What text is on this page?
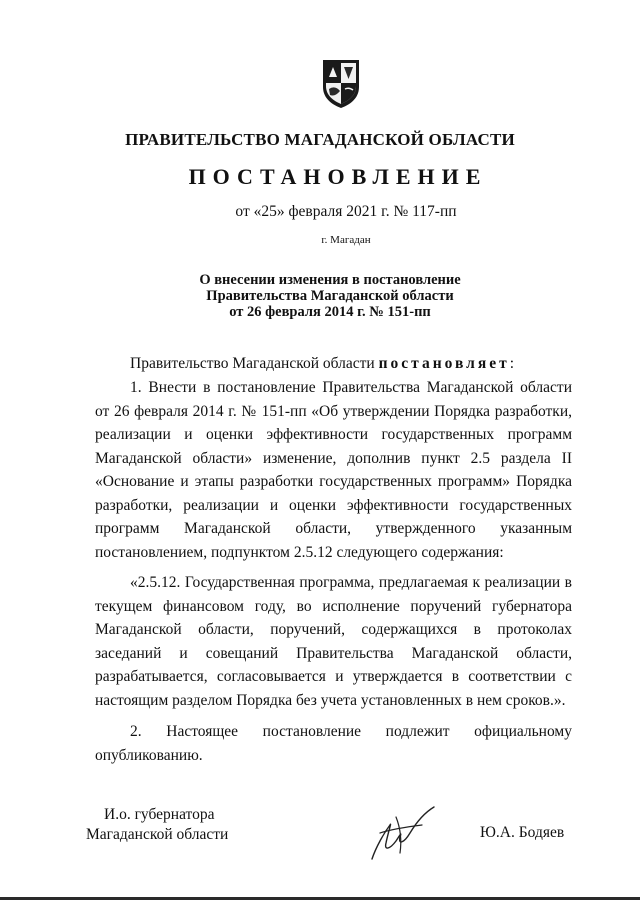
ПРАВИТЕЛЬСТВО МАГАДАНСКОЙ ОБЛАСТИ
ПОСТАНОВЛЕНИЕ
от «25» февраля 2021 г. № 117-пп
г. Магадан
О внесении изменения в постановление
Правительства Магаданской области
от 26 февраля 2014 г. № 151-пп

Правительство Магаданской области постановляет:

1. Внести в постановление Правительства Магаданской области от 26 февраля 2014 г. № 151-пп «Об утверждении Порядка разработки, реализации и оценки эффективности государственных программ Магаданской области» изменение, дополнив пункт 2.5 раздела II «Основание и этапы разработки государственных программ» Порядка разработки, реализации и оценки эффективности государственных программ Магаданской области, утвержденного указанным постановлением, подпунктом 2.5.12 следующего содержания:

«2.5.12. Государственная программа, предлагаемая к реализации в текущем финансовом году, во исполнение поручений губернатора Магаданской области, поручений, содержащихся в протоколах заседаний и совещаний Правительства Магаданской области, разрабатывается, согласовывается и утверждается в соответствии с настоящим разделом Порядка без учета установленных в нем сроков.».

2. Настоящее постановление подлежит официальному опубликованию.

И.о. губернатора
Магаданской области	Ю.А. Бодяев
